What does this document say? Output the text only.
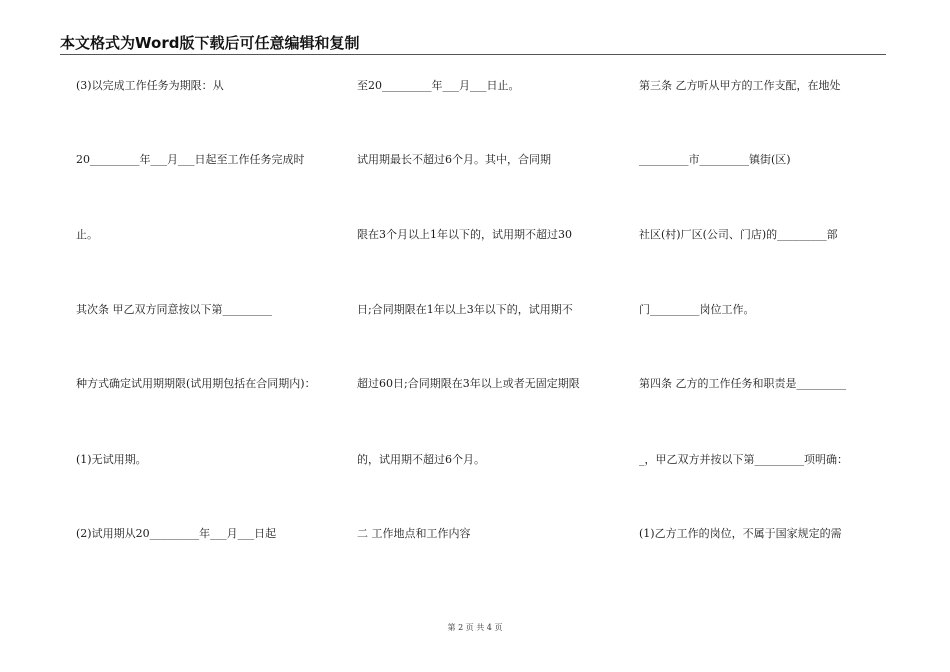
本文格式为Word版下载后可任意编辑和复制
(3)以完成工作任务为期限：从
20_________年___月___日起至工作任务完成时
止。
其次条 甲乙双方同意按以下第_________
种方式确定试用期期限(试用期包括在合同期内)：
(1)无试用期。
(2)试用期从20_________年___月___日起
至20_________年___月___日止。
试用期最长不超过6个月。其中，合同期
限在3个月以上1年以下的，试用期不超过30
日;合同期限在1年以上3年以下的，试用期不
超过60日;合同期限在3年以上或者无固定期限
的，试用期不超过6个月。
二 工作地点和工作内容
第三条 乙方听从甲方的工作支配，在地处
_________市_________镇街(区)
社区(村)厂区(公司、门店)的_________部
门_________岗位工作。
第四条 乙方的工作任务和职责是_________
_，甲乙双方并按以下第_________项明确：
(1)乙方工作的岗位，不属于国家规定的需
第 2 页 共 4 页
